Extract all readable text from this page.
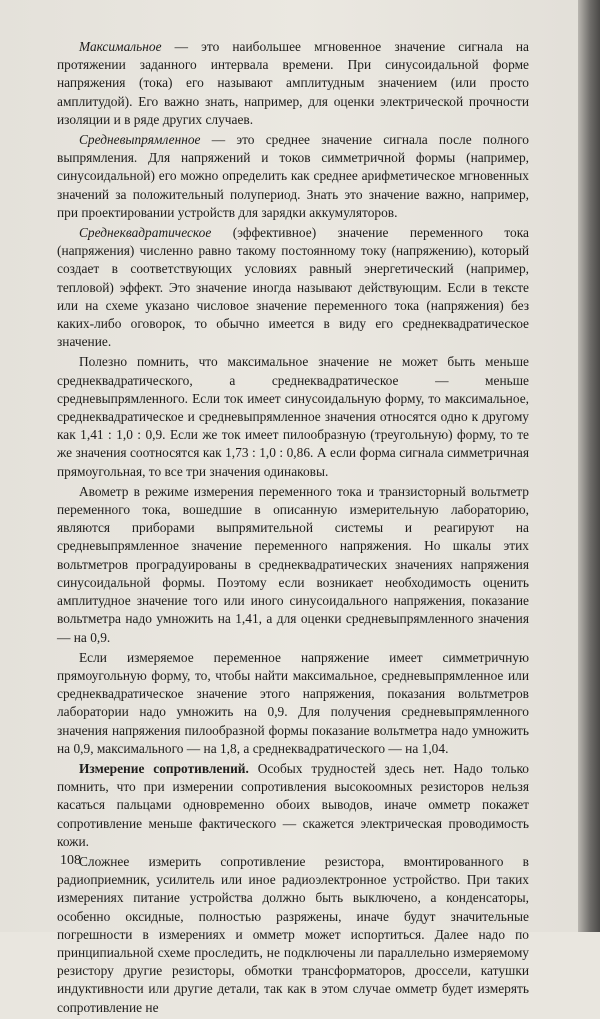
Максимальное — это наибольшее мгновенное значение сигнала на протяжении заданного интервала времени. При синусоидальной форме напряжения (тока) его называют амплитудным значением (или просто амплитудой). Его важно знать, например, для оценки электрической прочности изоляции и в ряде других случаев.

Средневыпрямленное — это среднее значение сигнала после полного выпрямления. Для напряжений и токов симметричной формы (например, синусоидальной) его можно определить как среднее арифметическое мгновенных значений за положительный полупериод. Знать это значение важно, например, при проектировании устройств для зарядки аккумуляторов.

Среднеквадратическое (эффективное) значение переменного тока (напряжения) численно равно такому постоянному току (напряжению), который создает в соответствующих условиях равный энергетический (например, тепловой) эффект. Это значение иногда называют действующим. Если в тексте или на схеме указано числовое значение переменного тока (напряжения) без каких-либо оговорок, то обычно имеется в виду его среднеквадратическое значение.

Полезно помнить, что максимальное значение не может быть меньше среднеквадратического, а среднеквадратическое — меньше средневыпрямленного. Если ток имеет синусоидальную форму, то максимальное, среднеквадратическое и средневыпрямленное значения относятся одно к другому как 1,41 : 1,0 : 0,9. Если же ток имеет пилообразную (треугольную) форму, то те же значения соотносятся как 1,73 : 1,0 : 0,86. А если форма сигнала симметричная прямоугольная, то все три значения одинаковы.

Авометр в режиме измерения переменного тока и транзисторный вольтметр переменного тока, вошедшие в описанную измерительную лабораторию, являются приборами выпрямительной системы и реагируют на средневыпрямленное значение переменного напряжения. Но шкалы этих вольтметров проградуированы в среднеквадратических значениях напряжения синусоидальной формы. Поэтому если возникает необходимость оценить амплитудное значение того или иного синусоидального напряжения, показание вольтметра надо умножить на 1,41, а для оценки средневыпрямленного значения — на 0,9.

Если измеряемое переменное напряжение имеет симметричную прямоугольную форму, то, чтобы найти максимальное, средневыпрямленное или среднеквадратическое значение этого напряжения, показания вольтметров лаборатории надо умножить на 0,9. Для получения средневыпрямленного значения напряжения пилообразной формы показание вольтметра надо умножить на 0,9, максимального — на 1,8, а среднеквадратического — на 1,04.

Измерение сопротивлений. Особых трудностей здесь нет. Надо только помнить, что при измерении сопротивления высокоомных резисторов нельзя касаться пальцами одновременно обоих выводов, иначе омметр покажет сопротивление меньше фактического — скажется электрическая проводимость кожи.

Сложнее измерить сопротивление резистора, вмонтированного в радиоприемник, усилитель или иное радиоэлектронное устройство. При таких измерениях питание устройства должно быть выключено, а конденсаторы, особенно оксидные, полностью разряжены, иначе будут значительные погрешности в измерениях и омметр может испортиться. Далее надо по принципиальной схеме проследить, не подключены ли параллельно измеряемому резистору другие резисторы, обмотки трансформаторов, дроссели, катушки индуктивности или другие детали, так как в этом случае омметр будет измерять сопротивление не

108
